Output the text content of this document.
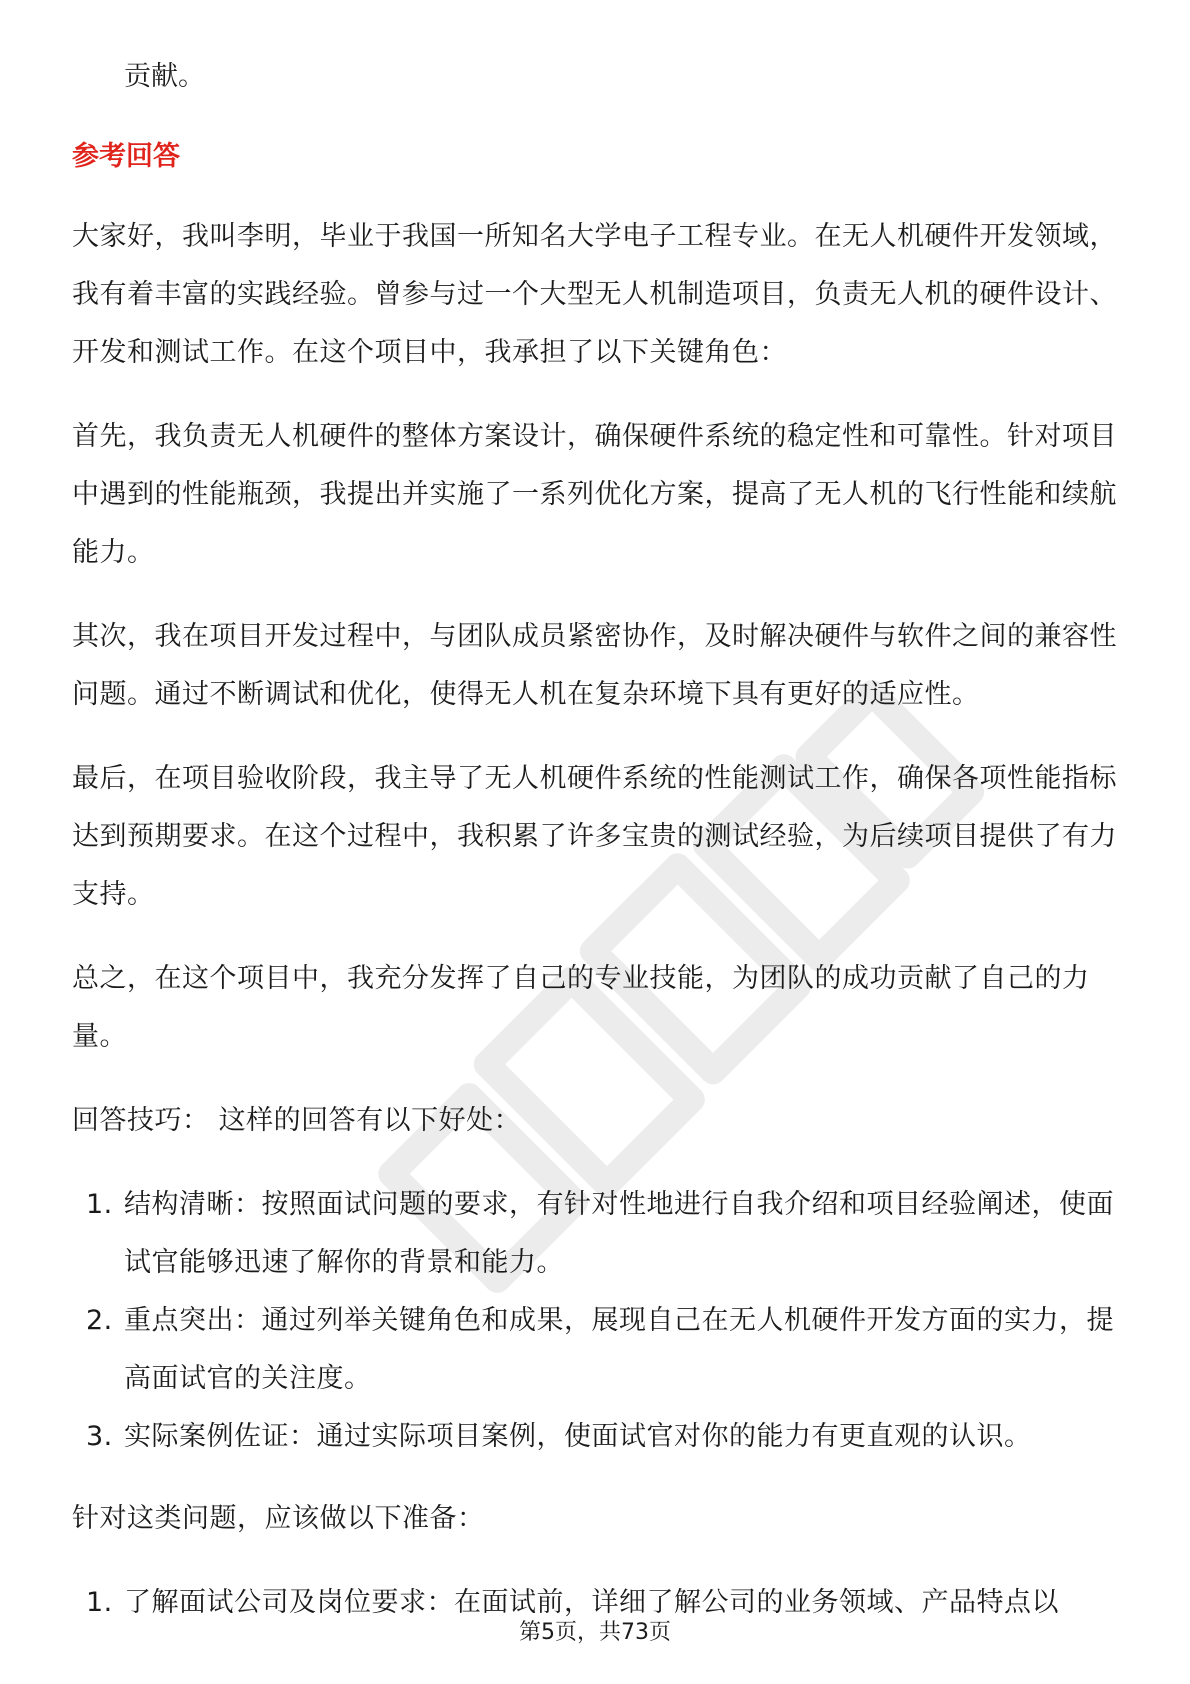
贡献。

参考回答

大家好，我叫李明，毕业于我国一所知名大学电子工程专业。在无人机硬件开发领域，我有着丰富的实践经验。曾参与过一个大型无人机制造项目，负责无人机的硬件设计、开发和测试工作。在这个项目中，我承担了以下关键角色：

首先，我负责无人机硬件的整体方案设计，确保硬件系统的稳定性和可靠性。针对项目中遇到的性能瓶颈，我提出并实施了一系列优化方案，提高了无人机的飞行性能和续航能力。

其次，我在项目开发过程中，与团队成员紧密协作，及时解决硬件与软件之间的兼容性问题。通过不断调试和优化，使得无人机在复杂环境下具有更好的适应性。

最后，在项目验收阶段，我主导了无人机硬件系统的性能测试工作，确保各项性能指标达到预期要求。在这个过程中，我积累了许多宝贵的测试经验，为后续项目提供了有力支持。

总之，在这个项目中，我充分发挥了自己的专业技能，为团队的成功贡献了自己的力量。

回答技巧： 这样的回答有以下好处：

1. 结构清晰：按照面试问题的要求，有针对性地进行自我介绍和项目经验阐述，使面试官能够迅速了解你的背景和能力。
2. 重点突出：通过列举关键角色和成果，展现自己在无人机硬件开发方面的实力，提高面试官的关注度。
3. 实际案例佐证：通过实际项目案例，使面试官对你的能力有更直观的认识。

针对这类问题，应该做以下准备：

1. 了解面试公司及岗位要求：在面试前，详细了解公司的业务领域、产品特点以
第5页，共73页
